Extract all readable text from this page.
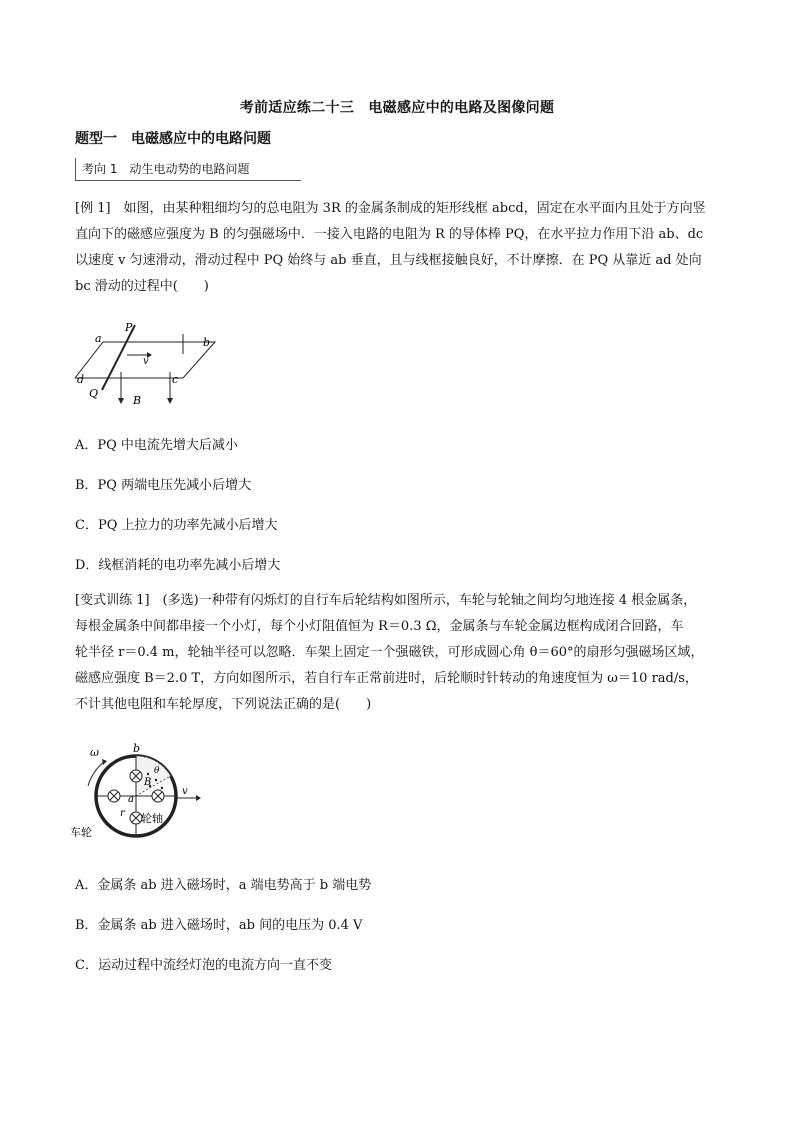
考前适应练二十三　电磁感应中的电路及图像问题
题型一　电磁感应中的电路问题
考向 1　动生电动势的电路问题
[例 1]　如图，由某种粗细均匀的总电阻为 3R 的金属条制成的矩形线框 abcd，固定在水平面内且处于方向竖
直向下的磁感应强度为 B 的匀强磁场中．一接入电路的电阻为 R 的导体棒 PQ，在水平拉力作用下沿 ab、dc
以速度 v 匀速滑动，滑动过程中 PQ 始终与 ab 垂直，且与线框接触良好，不计摩擦．在 PQ 从靠近 ad 处向
bc 滑动的过程中(　　)
a	b
c
d
P
Q
v
B
A．PQ 中电流先增大后减小
B．PQ 两端电压先减小后增大
C．PQ 上拉力的功率先减小后增大
D．线框消耗的电功率先减小后增大
[变式训练 1]　(多选)一种带有闪烁灯的自行车后轮结构如图所示，车轮与轮轴之间均匀地连接 4 根金属条，
每根金属条中间都串接一个小灯，每个小灯阻值恒为 R＝0.3 Ω，金属条与车轮金属边框构成闭合回路，车
轮半径 r＝0.4 m，轮轴半径可以忽略．车架上固定一个强磁铁，可形成圆心角 θ＝60°的扇形匀强磁场区域，
磁感应强度 B＝2.0 T，方向如图所示，若自行车正常前进时，后轮顺时针转动的角速度恒为 ω＝10 rad/s，
不计其他电阻和车轮厚度，下列说法正确的是(　　)
ω	b
a
B
θ
v
r 轮轴
车轮
A．金属条 ab 进入磁场时，a 端电势高于 b 端电势
B．金属条 ab 进入磁场时，ab 间的电压为 0.4 V
C．运动过程中流经灯泡的电流方向一直不变
